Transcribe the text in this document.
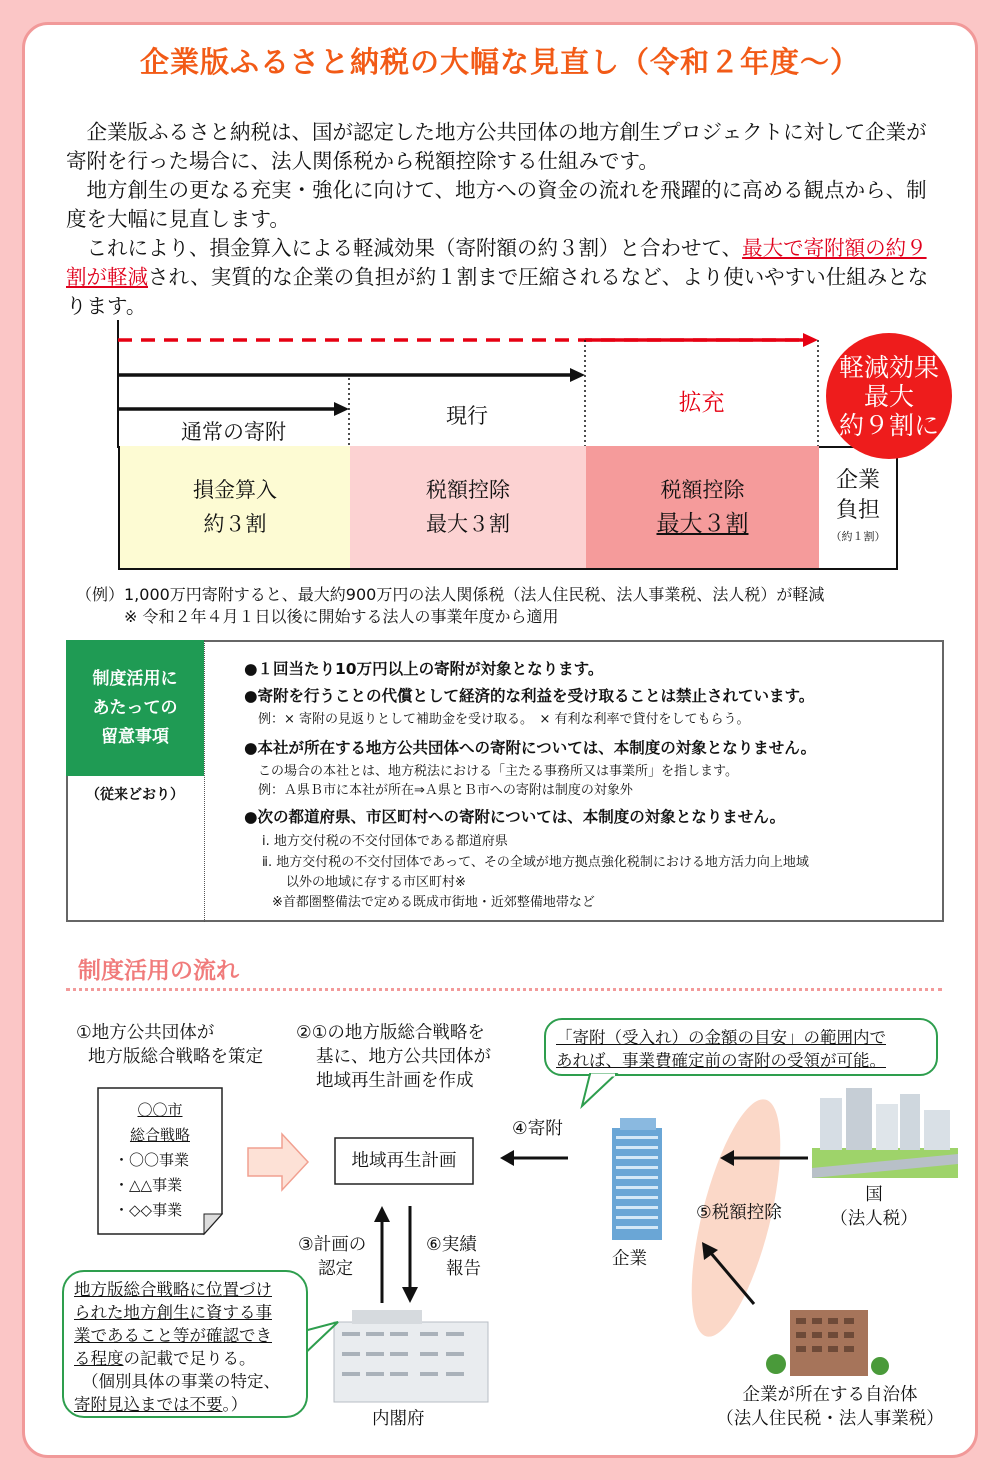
企業版ふるさと納税の大幅な見直し（令和２年度〜）

企業版ふるさと納税は、国が認定した地方公共団体の地方創生プロジェクトに対して企業が寄附を行った場合に、法人関係税から税額控除する仕組みです。

地方創生の更なる充実・強化に向けて、地方への資金の流れを飛躍的に高める観点から、制度を大幅に見直します。

これにより、損金算入による軽減効果（寄附額の約３割）と合わせて、最大で寄附額の約９割が軽減され、実質的な企業の負担が約１割まで圧縮されるなど、より使いやすい仕組みとなります。

通常の寄附
現行	拡充
損金算入
約３割
税額控除
最大３割
税額控除
最大３割
企業
負担
（約１割）
軽減効果
最大
約９割に
（例）1,000万円寄附すると、最大約900万円の法人関係税（法人住民税、法人事業税、法人税）が軽減
※ 令和２年４月１日以後に開始する法人の事業年度から適用
制度活用に
あたっての
留意事項
（従来どおり）
●１回当たり10万円以上の寄附が対象となります。
●寄附を行うことの代償として経済的な利益を受け取ることは禁止されています。
例：× 寄附の見返りとして補助金を受け取る。　× 有利な利率で貸付をしてもらう。
●本社が所在する地方公共団体への寄附については、本制度の対象となりません。
この場合の本社とは、地方税法における「主たる事務所又は事業所」を指します。
例：Ａ県Ｂ市に本社が所在⇒Ａ県とＢ市への寄附は制度の対象外
●次の都道府県、市区町村への寄附については、本制度の対象となりません。
ⅰ. 地方交付税の不交付団体である都道府県
ⅱ. 地方交付税の不交付団体であって、その全域が地方拠点強化税制における地方活力向上地域
以外の地域に存する市区町村※
※首都圏整備法で定める既成市街地・近郊整備地帯など
制度活用の流れ
①地方公共団体が
地方版総合戦略を策定
②①の地方版総合戦略を
基に、地方公共団体が
地域再生計画を作成
「寄附（受入れ）の金額の目安」の範囲内で
あれば、事業費確定前の寄附の受領が可能。
〇〇市
総合戦略
・〇〇事業
・△△事業
・◇◇事業
地域再生計画
④寄附
③計画の
認定
⑥実績
報告
⑤税額控除
企業
内閣府
国
（法人税）
企業が所在する自治体
（法人住民税・法人事業税）
地方版総合戦略に位置づけ
られた地方創生に資する事
業であること等が確認でき
る程度の記載で足りる。
（個別具体の事業の特定、
寄附見込までは不要。）
